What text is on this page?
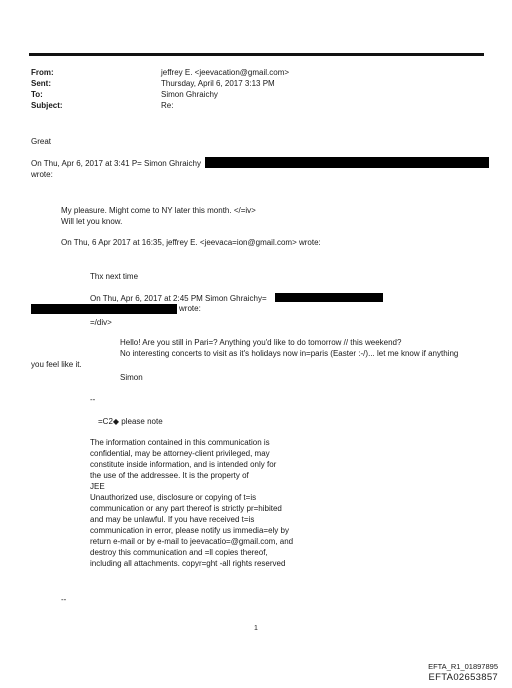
From:
Sent:
To:
Subject:
jeffrey E. <jeevacation@gmail.com>
Thursday, April 6, 2017 3:13 PM
Simon Ghraichy
Re:
Great
On Thu, Apr 6, 2017 at 3:41 P= Simon Ghraichy
wrote:
My pleasure. Might come to NY later this month. </=iv>
Will let you know.
On Thu, 6 Apr 2017 at 16:35, jeffrey E. <jeevaca=ion@gmail.com> wrote:
Thx next time
On Thu, Apr 6, 2017 at 2:45 PM Simon Ghraichy=
wrote:
=/div>
Hello! Are you still in Pari=? Anything you'd like to do tomorrow // this weekend?
No interesting concerts to visit as it's holidays now in=paris (Easter :-/)... let me know if anything
you feel like it.
Simon
--
=C2◆ please note
The information contained in this communication is
confidential, may be attorney-client privileged, may
constitute inside information, and is intended only for
the use of the addressee. It is the property of
JEE
Unauthorized use, disclosure or copying of t=is
communication or any part thereof is strictly pr=hibited
and may be unlawful. If you have received t=is
communication in error, please notify us immedia=ely by
return e-mail or by e-mail to jeevacatio=@gmail.com, and
destroy this communication and =ll copies thereof,
including all attachments. copyr=ght -all rights reserved
--
1
EFTA_R1_01897895
EFTA02653857
